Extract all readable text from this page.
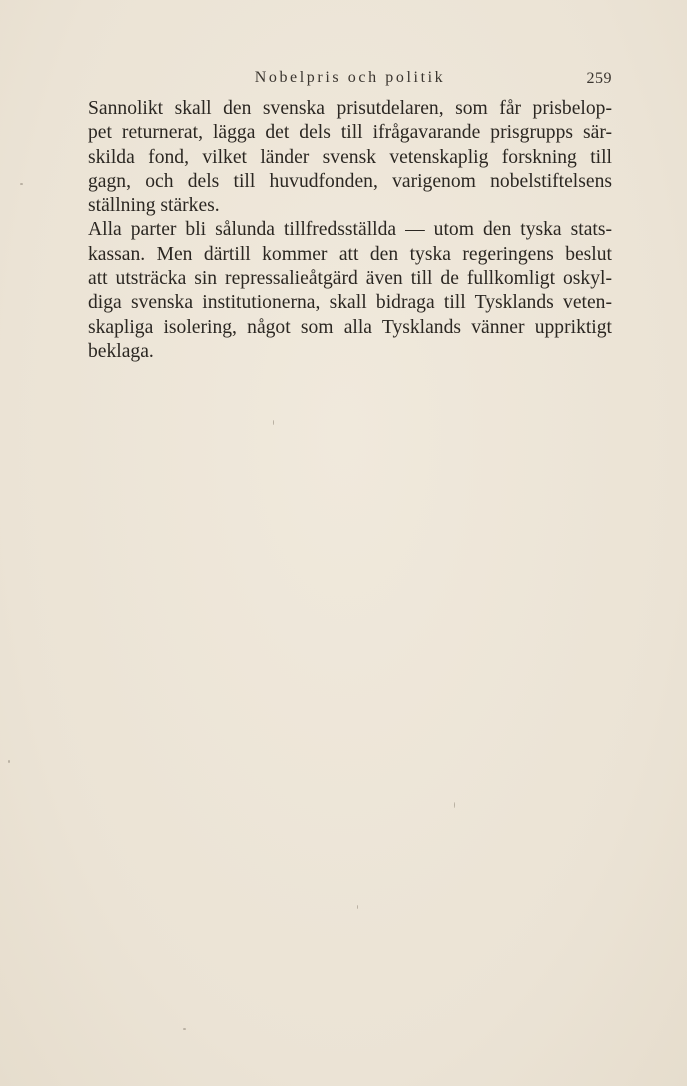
Nobelpris och politik	259
Sannolikt skall den svenska prisutdelaren, som får prisbelop-
pet returnerat, lägga det dels till ifrågavarande prisgrupps sär-
skilda fond, vilket länder svensk vetenskaplig forskning till
gagn, och dels till huvudfonden, varigenom nobelstiftelsens
ställning stärkes.
Alla parter bli sålunda tillfredsställda — utom den tyska stats-
kassan. Men därtill kommer att den tyska regeringens beslut
att utsträcka sin repressalieåtgärd även till de fullkomligt oskyl-
diga svenska institutionerna, skall bidraga till Tysklands veten-
skapliga isolering, något som alla Tysklands vänner uppriktigt
beklaga.
